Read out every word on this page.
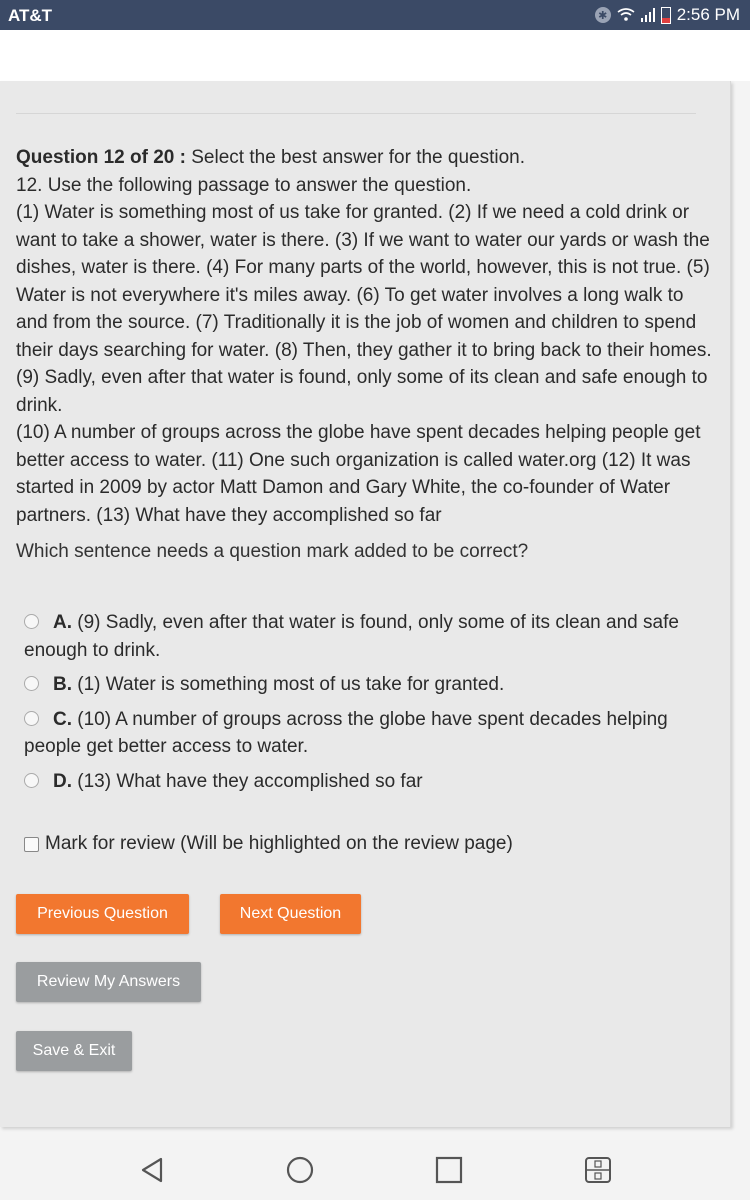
AT&T	✱	2:56 PM
Question 12 of 20 : Select the best answer for the question.
12. Use the following passage to answer the question.
(1) Water is something most of us take for granted. (2) If we need a cold drink or want to take a shower, water is there. (3) If we want to water our yards or wash the dishes, water is there. (4) For many parts of the world, however, this is not true. (5) Water is not everywhere it's miles away. (6) To get water involves a long walk to and from the source. (7) Traditionally it is the job of women and children to spend their days searching for water. (8) Then, they gather it to bring back to their homes. (9) Sadly, even after that water is found, only some of its clean and safe enough to drink.
(10) A number of groups across the globe have spent decades helping people get better access to water. (11) One such organization is called water.org (12) It was started in 2009 by actor Matt Damon and Gary White, the co-founder of Water partners. (13) What have they accomplished so far
Which sentence needs a question mark added to be correct?
A. (9) Sadly, even after that water is found, only some of its clean and safe enough to drink.
B. (1) Water is something most of us take for granted.
C. (10) A number of groups across the globe have spent decades helping people get better access to water.
D. (13) What have they accomplished so far
Mark for review (Will be highlighted on the review page)
Previous Question	Next Question
Review My Answers
Save & Exit
